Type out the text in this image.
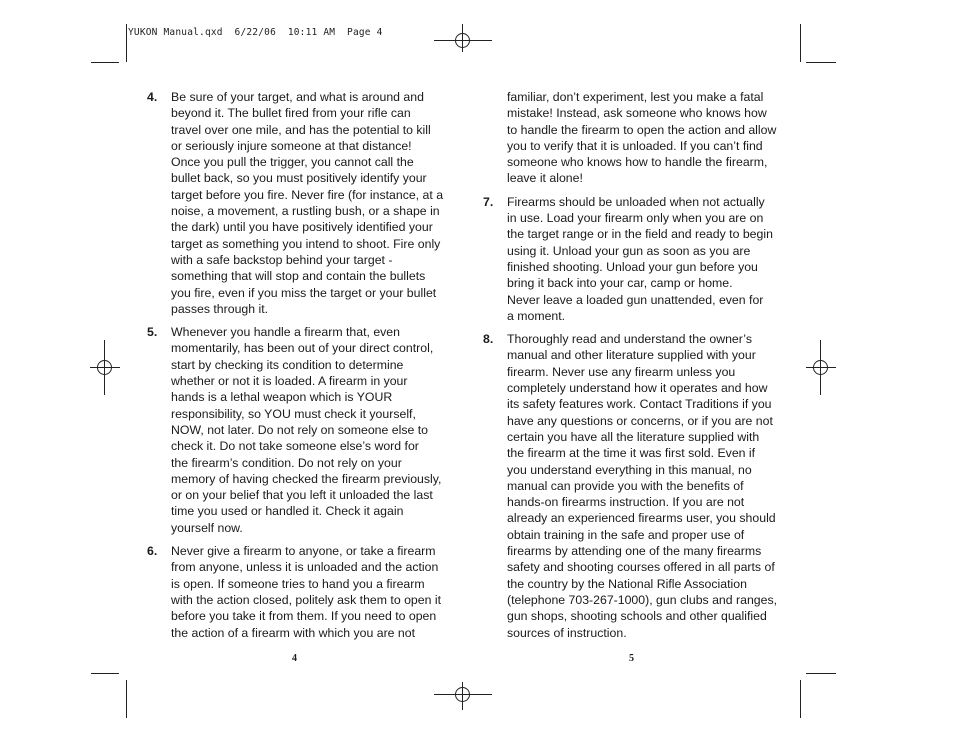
YUKON Manual.qxd  6/22/06  10:11 AM  Page 4
4. Be sure of your target, and what is around and
beyond it. The bullet fired from your rifle can
travel over one mile, and has the potential to kill
or seriously injure someone at that distance!
Once you pull the trigger, you cannot call the
bullet back, so you must positively identify your
target before you fire. Never fire (for instance, at a
noise, a movement, a rustling bush, or a shape in
the dark) until you have positively identified your
target as something you intend to shoot. Fire only
with a safe backstop behind your target -
something that will stop and contain the bullets
you fire, even if you miss the target or your bullet
passes through it.
5. Whenever you handle a firearm that, even
momentarily, has been out of your direct control,
start by checking its condition to determine
whether or not it is loaded. A firearm in your
hands is a lethal weapon which is YOUR
responsibility, so YOU must check it yourself,
NOW, not later. Do not rely on someone else to
check it. Do not take someone else’s word for
the firearm’s condition. Do not rely on your
memory of having checked the firearm previously,
or on your belief that you left it unloaded the last
time you used or handled it. Check it again
yourself now.
6. Never give a firearm to anyone, or take a firearm
from anyone, unless it is unloaded and the action
is open. If someone tries to hand you a firearm
with the action closed, politely ask them to open it
before you take it from them. If you need to open
the action of a firearm with which you are not
4
familiar, don’t experiment, lest you make a fatal
mistake! Instead, ask someone who knows how
to handle the firearm to open the action and allow
you to verify that it is unloaded. If you can’t find
someone who knows how to handle the firearm,
leave it alone!
7. Firearms should be unloaded when not actually
in use. Load your firearm only when you are on
the target range or in the field and ready to begin
using it. Unload your gun as soon as you are
finished shooting. Unload your gun before you
bring it back into your car, camp or home.
Never leave a loaded gun unattended, even for
a moment.
8. Thoroughly read and understand the owner’s
manual and other literature supplied with your
firearm. Never use any firearm unless you
completely understand how it operates and how
its safety features work. Contact Traditions if you
have any questions or concerns, or if you are not
certain you have all the literature supplied with
the firearm at the time it was first sold. Even if
you understand everything in this manual, no
manual can provide you with the benefits of
hands-on firearms instruction. If you are not
already an experienced firearms user, you should
obtain training in the safe and proper use of
firearms by attending one of the many firearms
safety and shooting courses offered in all parts of
the country by the National Rifle Association
(telephone 703-267-1000), gun clubs and ranges,
gun shops, shooting schools and other qualified
sources of instruction.
5
